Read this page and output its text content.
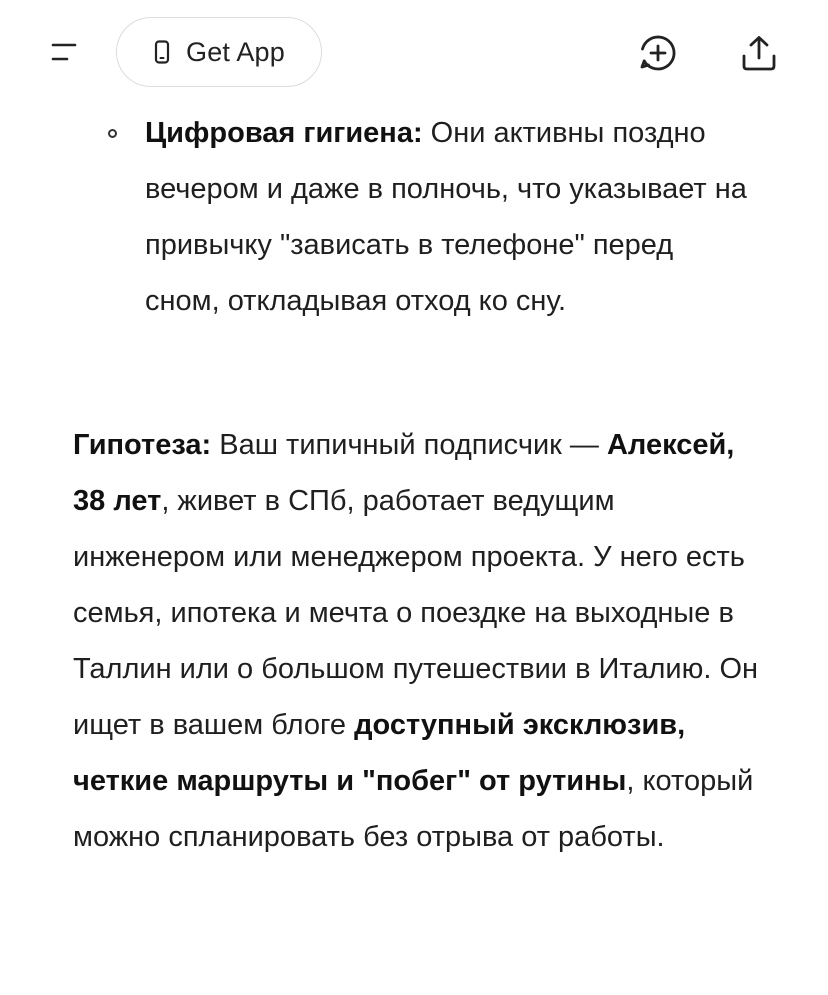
Get App
Цифровая гигиена: Они активны поздно вечером и даже в полночь, что указывает на привычку "зависать в телефоне" перед сном, откладывая отход ко сну.
Гипотеза: Ваш типичный подписчик — Алексей, 38 лет, живет в СПб, работает ведущим инженером или менеджером проекта. У него есть семья, ипотека и мечта о поездке на выходные в Таллин или о большом путешествии в Италию. Он ищет в вашем блоге доступный эксклюзив, четкие маршруты и "побег" от рутины, который можно спланировать без отрыва от работы.
